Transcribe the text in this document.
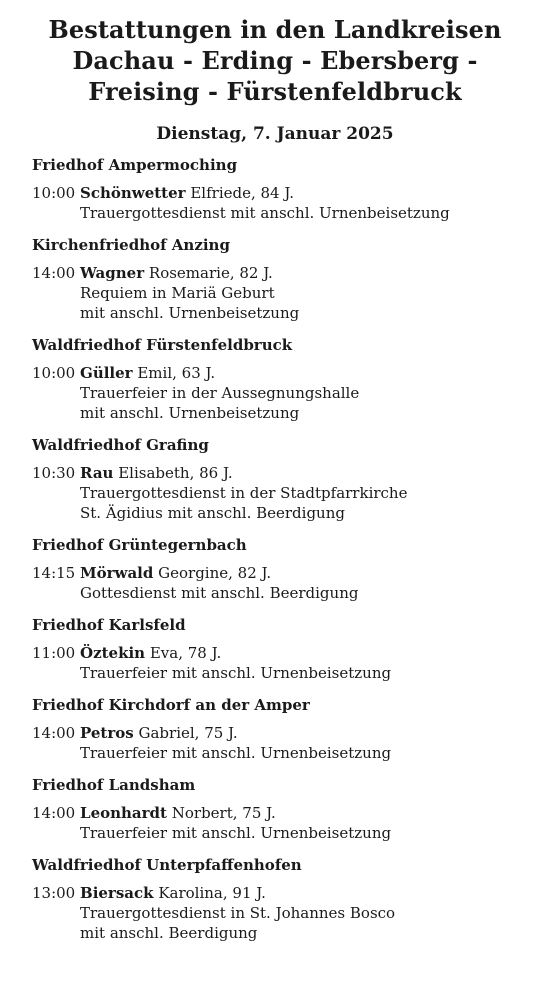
Bestattungen in den Landkreisen
Dachau - Erding - Ebersberg -
Freising - Fürstenfeldbruck
Dienstag, 7. Januar 2025
Friedhof Ampermoching
10:00 Schönwetter Elfriede, 84 J.
Trauergottesdienst mit anschl. Urnenbeisetzung
Kirchenfriedhof Anzing
14:00 Wagner Rosemarie, 82 J.
Requiem in Mariä Geburt
mit anschl. Urnenbeisetzung
Waldfriedhof Fürstenfeldbruck
10:00 Güller Emil, 63 J.
Trauerfeier in der Aussegnungshalle
mit anschl. Urnenbeisetzung
Waldfriedhof Grafing
10:30 Rau Elisabeth, 86 J.
Trauergottesdienst in der Stadtpfarrkirche
St. Ägidius mit anschl. Beerdigung
Friedhof Grüntegernbach
14:15 Mörwald Georgine, 82 J.
Gottesdienst mit anschl. Beerdigung
Friedhof Karlsfeld
11:00 Öztekin Eva, 78 J.
Trauerfeier mit anschl. Urnenbeisetzung
Friedhof Kirchdorf an der Amper
14:00 Petros Gabriel, 75 J.
Trauerfeier mit anschl. Urnenbeisetzung
Friedhof Landsham
14:00 Leonhardt Norbert, 75 J.
Trauerfeier mit anschl. Urnenbeisetzung
Waldfriedhof Unterpfaffenhofen
13:00 Biersack Karolina, 91 J.
Trauergottesdienst in St. Johannes Bosco
mit anschl. Beerdigung
